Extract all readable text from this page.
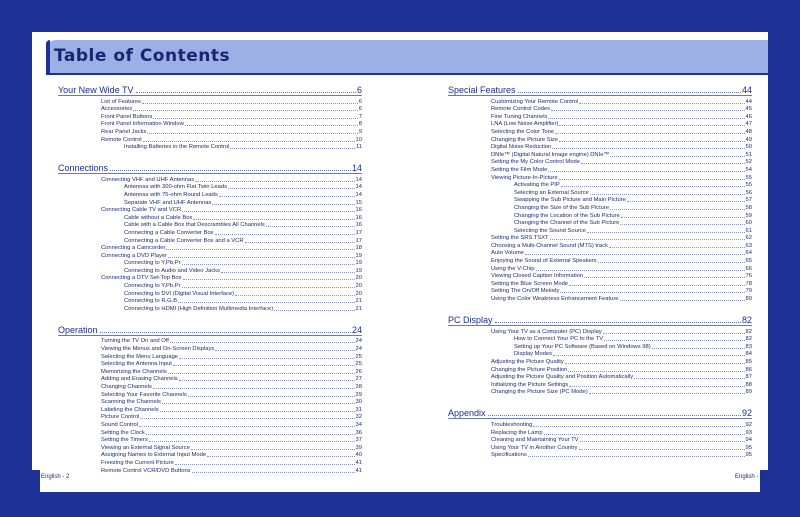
Table of Contents
Your New Wide TV	6
List of Features	6
Accessories	6
Front Panel Buttons	7
Front Panel Information Window	8
Rear Panel Jacks	9
Remote Control	10
Installing Batteries in the Remote Control	11
Connections	14
Connecting VHF and UHF Antennas	14
Antennas with 300-ohm Flat Twin Leads	14
Antennas with 75-ohm Round Leads	14
Separate VHF and UHF Antennas	15
Connecting Cable TV and VCR	16
Cable without a Cable Box	16
Cable with a Cable Box that Descrambles All Channels	16
Connecting a Cable Converter Box	17
Connecting a Cable Converter Box and a VCR	17
Connecting a Camcorder	18
Connecting a DVD Player	19
Connecting to Y,Pb,Pr	19
Connecting to Audio and Video Jacks	19
Connecting a DTV Set-Top Box	20
Connecting to Y,Pb,Pr	20
Connecting to DVI (Digital Visual Interface)	20
Connecting to R,G,B	21
Connecting to HDMI (High Definition Multimedia Interface)	21
Operation	24
Turning the TV On and Off	24
Viewing the Menus and On-Screen Displays	24
Selecting the Menu Language	25
Selecting the Antenna Input	25
Memorizing the Channels	26
Adding and Erasing Channels	27
Changing Channels	28
Selecting Your Favorite Channels	29
Scanning the Channels	30
Labeling the Channels	31
Picture Control	32
Sound Control	34
Setting the Clock	36
Setting the Timers	37
Viewing an External Signal Source	39
Assigning Names to External Input Mode	40
Freezing the Current Picture	41
Remote Control VCR/DVD Buttons	41
Special Features	44
Customizing Your Remote Control	44
Remote Control Codes	45
Fine Tuning Channels	46
LNA (Low Noise Amplifier)	47
Selecting the Color Tone	48
Changing the Picture Size	49
Digital Noise Reduction	50
DNIe™ (Digital Natural Image engine) DNIe™	51
Setting the My Color Control Mode	52
Setting the Film Mode	54
Viewing Picture-In-Picture	55
Activating the PIP	55
Selecting an External Source	56
Swapping the Sub Picture and Main Picture	57
Changing the Size of the Sub Picture	58
Changing the Location of the Sub Picture	59
Changing the Channel of the Sub Picture	60
Selecting the Sound Source	61
Setting the SRS TSXT	62
Choosing a Multi-Channel Sound (MTS) track	63
Auto Volume	64
Enjoying the Sound of External Speakers	65
Using the V-Chip	66
Viewing Closed Caption Information	76
Setting the Blue Screen Mode	78
Setting The On/Off Melody	79
Using the Color Weakness Enhancement Feature	80
PC Display	82
Using Your TV as a Computer (PC) Display	82
How to Connect Your PC to the TV	82
Setting up Your PC Software (Based on Windows 98)	83
Display Modes	84
Adjusting the Picture Quality	85
Changing the Picture Position	86
Adjusting the Picture Quality and Position Automatically	87
Initializing the Picture Settings	88
Changing the Picture Size (PC Mode)	89
Appendix	92
Troubleshooting	92
Replacing the Lamp	93
Cleaning and Maintaining Your TV	94
Using Your TV in Another Country	95
Specifications	95
English - 2	English - 3
